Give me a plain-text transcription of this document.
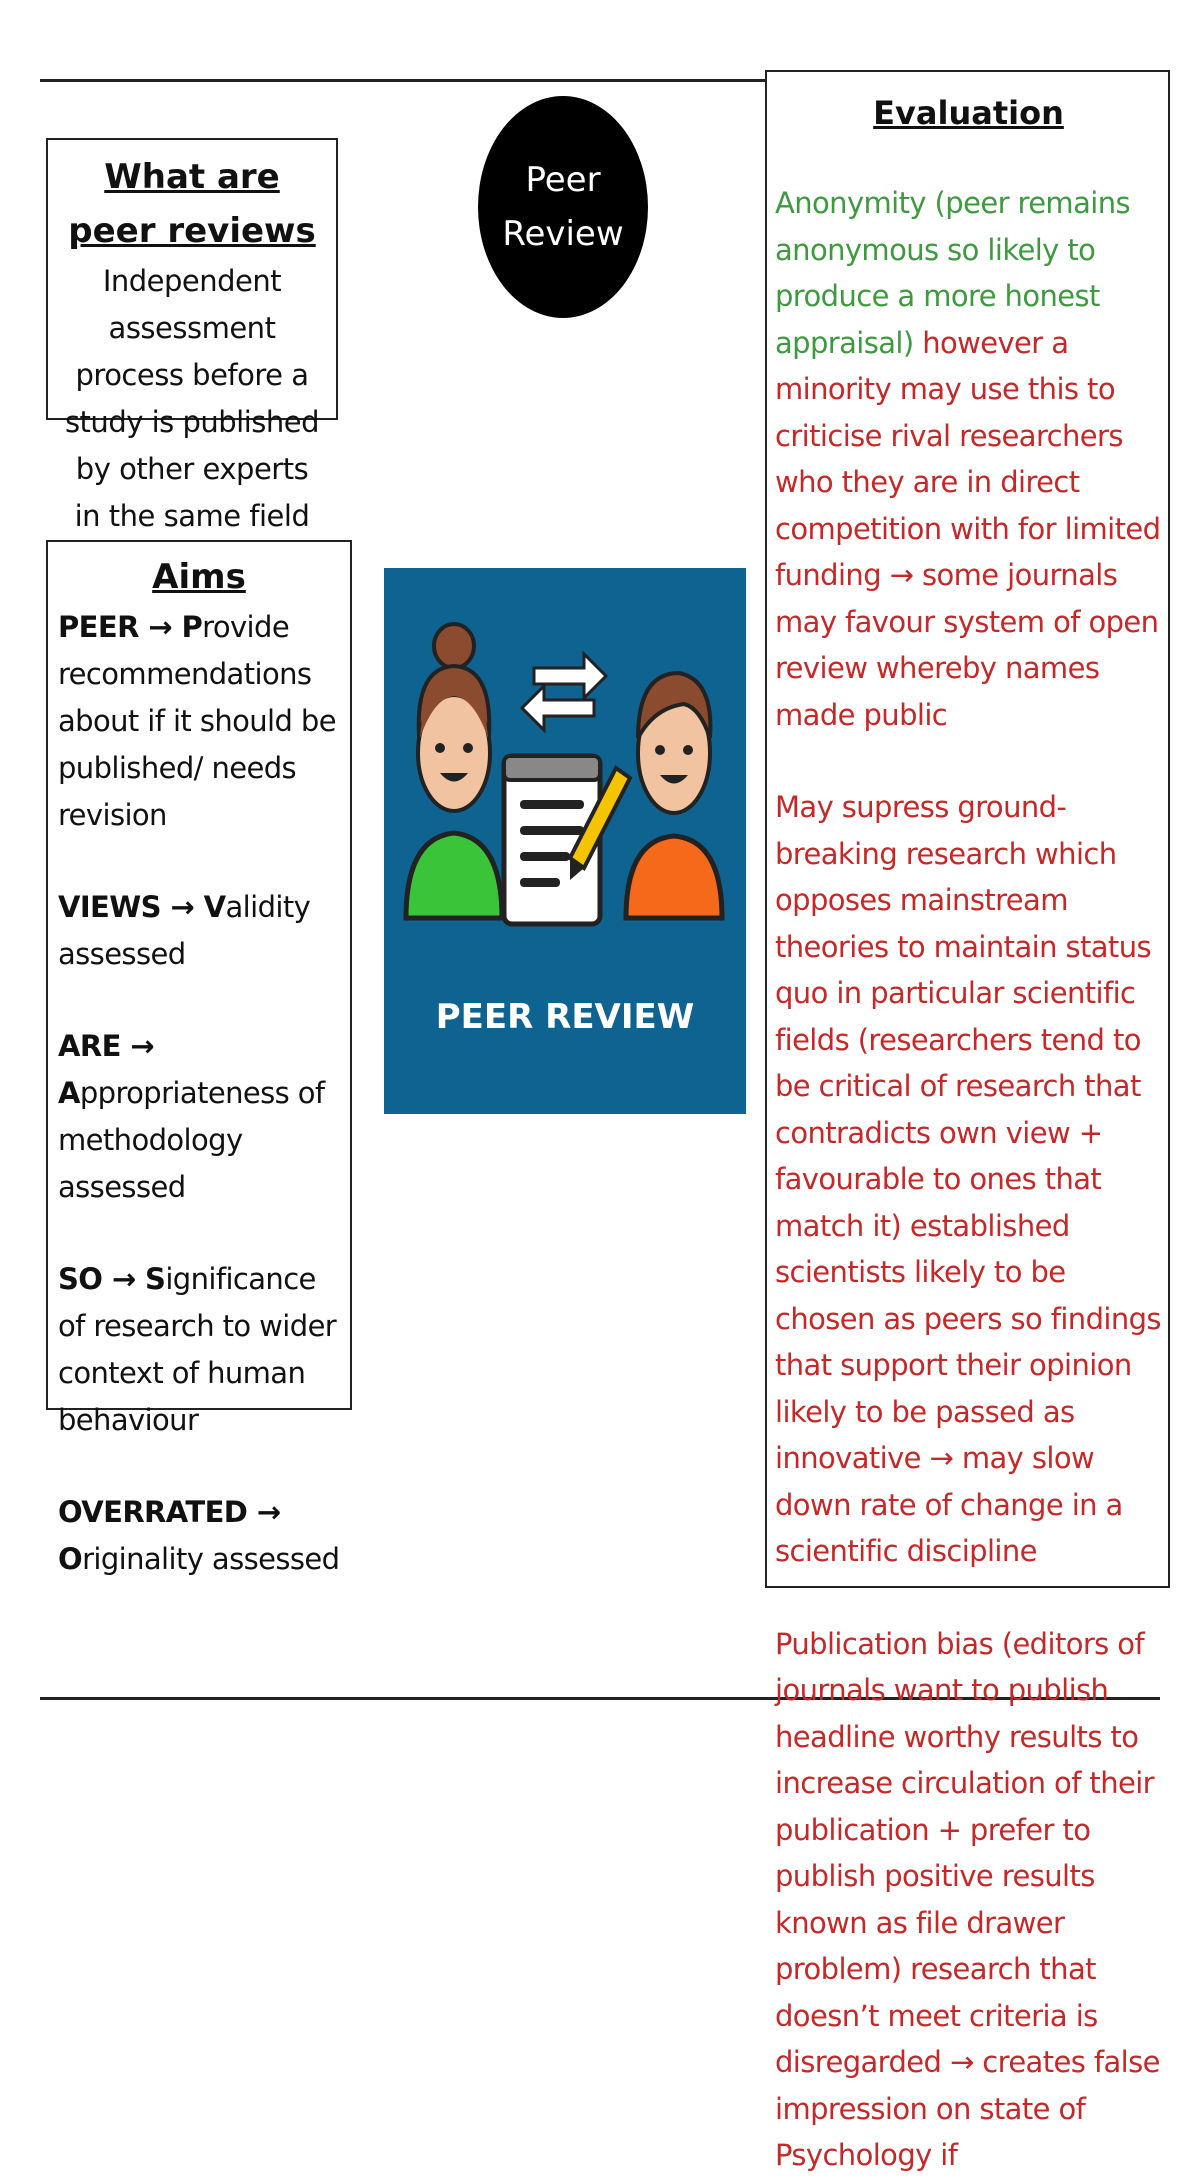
What are peer reviews
Independent assessment process before a study is published by other experts in the same field
Peer
Review
Aims
PEER → Provide recommendations about if it should be published/ needs revision
VIEWS → Validity assessed
ARE → Appropriateness of methodology assessed
SO → Significance of research to wider context of human behaviour
OVERRATED → Originality assessed
PEER REVIEW
Evaluation
Anonymity (peer remains anonymous so likely to produce a more honest appraisal) however a minority may use this to criticise rival researchers who they are in direct competition with for limited funding → some journals may favour system of open review whereby names made public
May supress ground-breaking research which opposes mainstream theories to maintain status quo in particular scientific fields (researchers tend to be critical of research that contradicts own view + favourable to ones that match it) established scientists likely to be chosen as peers so findings that support their opinion likely to be passed as innovative → may slow down rate of change in a scientific discipline
Publication bias (editors of journals want to publish headline worthy results to increase circulation of their publication + prefer to publish positive results known as file drawer problem) research that doesn’t meet criteria is disregarded → creates false impression on state of Psychology if
